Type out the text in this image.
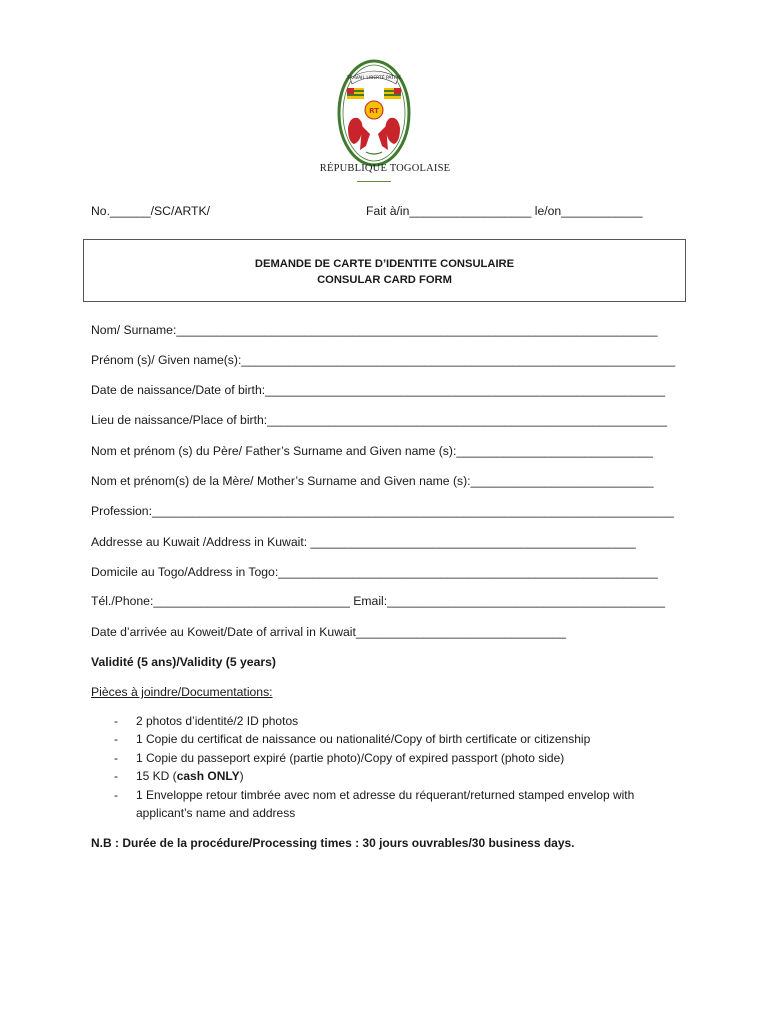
TRAVAIL LIBERTÉ PATRIE
RT
RÉPUBLIQUE TOGOLAISE
No.______/SC/ARTK/	Fait à/in__________________ le/on____________
DEMANDE DE CARTE D’IDENTITE CONSULAIRE
CONSULAR CARD FORM
Nom/ Surname:_______________________________________________________________________
Prénom (s)/ Given name(s):________________________________________________________________
Date de naissance/Date of birth:___________________________________________________________
Lieu de naissance/Place of birth:___________________________________________________________
Nom et prénom (s) du Père/ Father’s Surname and Given name (s):_____________________________
Nom et prénom(s) de la Mère/ Mother’s Surname and Given name (s):___________________________
Profession:_____________________________________________________________________________
Addresse au Kuwait /Address in Kuwait: ________________________________________________
Domicile au Togo/Address in Togo:________________________________________________________
Tél./Phone:_____________________________ Email:_________________________________________
Date d’arrivée au Koweit/Date of arrival in Kuwait_______________________________
Validité (5 ans)/Validity (5 years)
Pièces à joindre/Documentations:
- 2 photos d’identité/2 ID photos
- 1 Copie du certificat de naissance ou nationalité/Copy of birth certificate or citizenship
- 1 Copie du passeport expiré (partie photo)/Copy of expired passport (photo side)
- 15 KD (cash ONLY)
- 1 Enveloppe retour timbrée avec nom et adresse du réquerant/returned stamped envelop with
applicant’s name and address
N.B : Durée de la procédure/Processing times : 30 jours ouvrables/30 business days.
